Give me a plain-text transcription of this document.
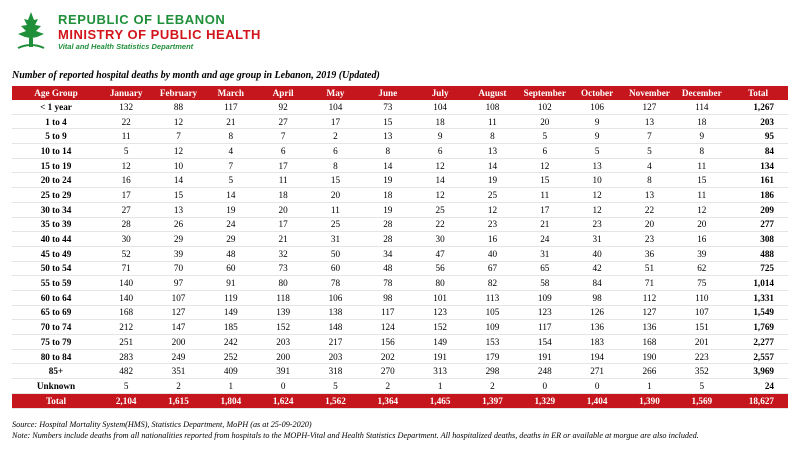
REPUBLIC OF LEBANON
MINISTRY OF PUBLIC HEALTH
Vital and Health Statistics Department
Number of reported hospital deaths by month and age group in Lebanon, 2019 (Updated)
Age Group	January	February	March	April	May	June	July	August	September	October	November	December	Total
< 1 year	132	88	117	92	104	73	104	108	102	106	127	114	1,267
1 to 4	22	12	21	27	17	15	18	11	20	9	13	18	203
5 to 9	11	7	8	7	2	13	9	8	5	9	7	9	95
10 to 14	5	12	4	6	6	8	6	13	6	5	5	8	84
15 to 19	12	10	7	17	8	14	12	14	12	13	4	11	134
20 to 24	16	14	5	11	15	19	14	19	15	10	8	15	161
25 to 29	17	15	14	18	20	18	12	25	11	12	13	11	186
30 to 34	27	13	19	20	11	19	25	12	17	12	22	12	209
35 to 39	28	26	24	17	25	28	22	23	21	23	20	20	277
40 to 44	30	29	29	21	31	28	30	16	24	31	23	16	308
45 to 49	52	39	48	32	50	34	47	40	31	40	36	39	488
50 to 54	71	70	60	73	60	48	56	67	65	42	51	62	725
55 to 59	140	97	91	80	78	78	80	82	58	84	71	75	1,014
60 to 64	140	107	119	118	106	98	101	113	109	98	112	110	1,331
65 to 69	168	127	149	139	138	117	123	105	123	126	127	107	1,549
70 to 74	212	147	185	152	148	124	152	109	117	136	136	151	1,769
75 to 79	251	200	242	203	217	156	149	153	154	183	168	201	2,277
80 to 84	283	249	252	200	203	202	191	179	191	194	190	223	2,557
85+	482	351	409	391	318	270	313	298	248	271	266	352	3,969
Unknown	5	2	1	0	5	2	1	2	0	0	1	5	24
Total	2,104	1,615	1,804	1,624	1,562	1,364	1,465	1,397	1,329	1,404	1,390	1,569	18,627
Source: Hospital Mortality System(HMS), Statistics Department, MoPH (as at 25-09-2020)
Note: Numbers include deaths from all nationalities reported from hospitals to the MOPH-Vital and Health Statistics Department. All hospitalized deaths, deaths in ER or available at morgue are also included.
